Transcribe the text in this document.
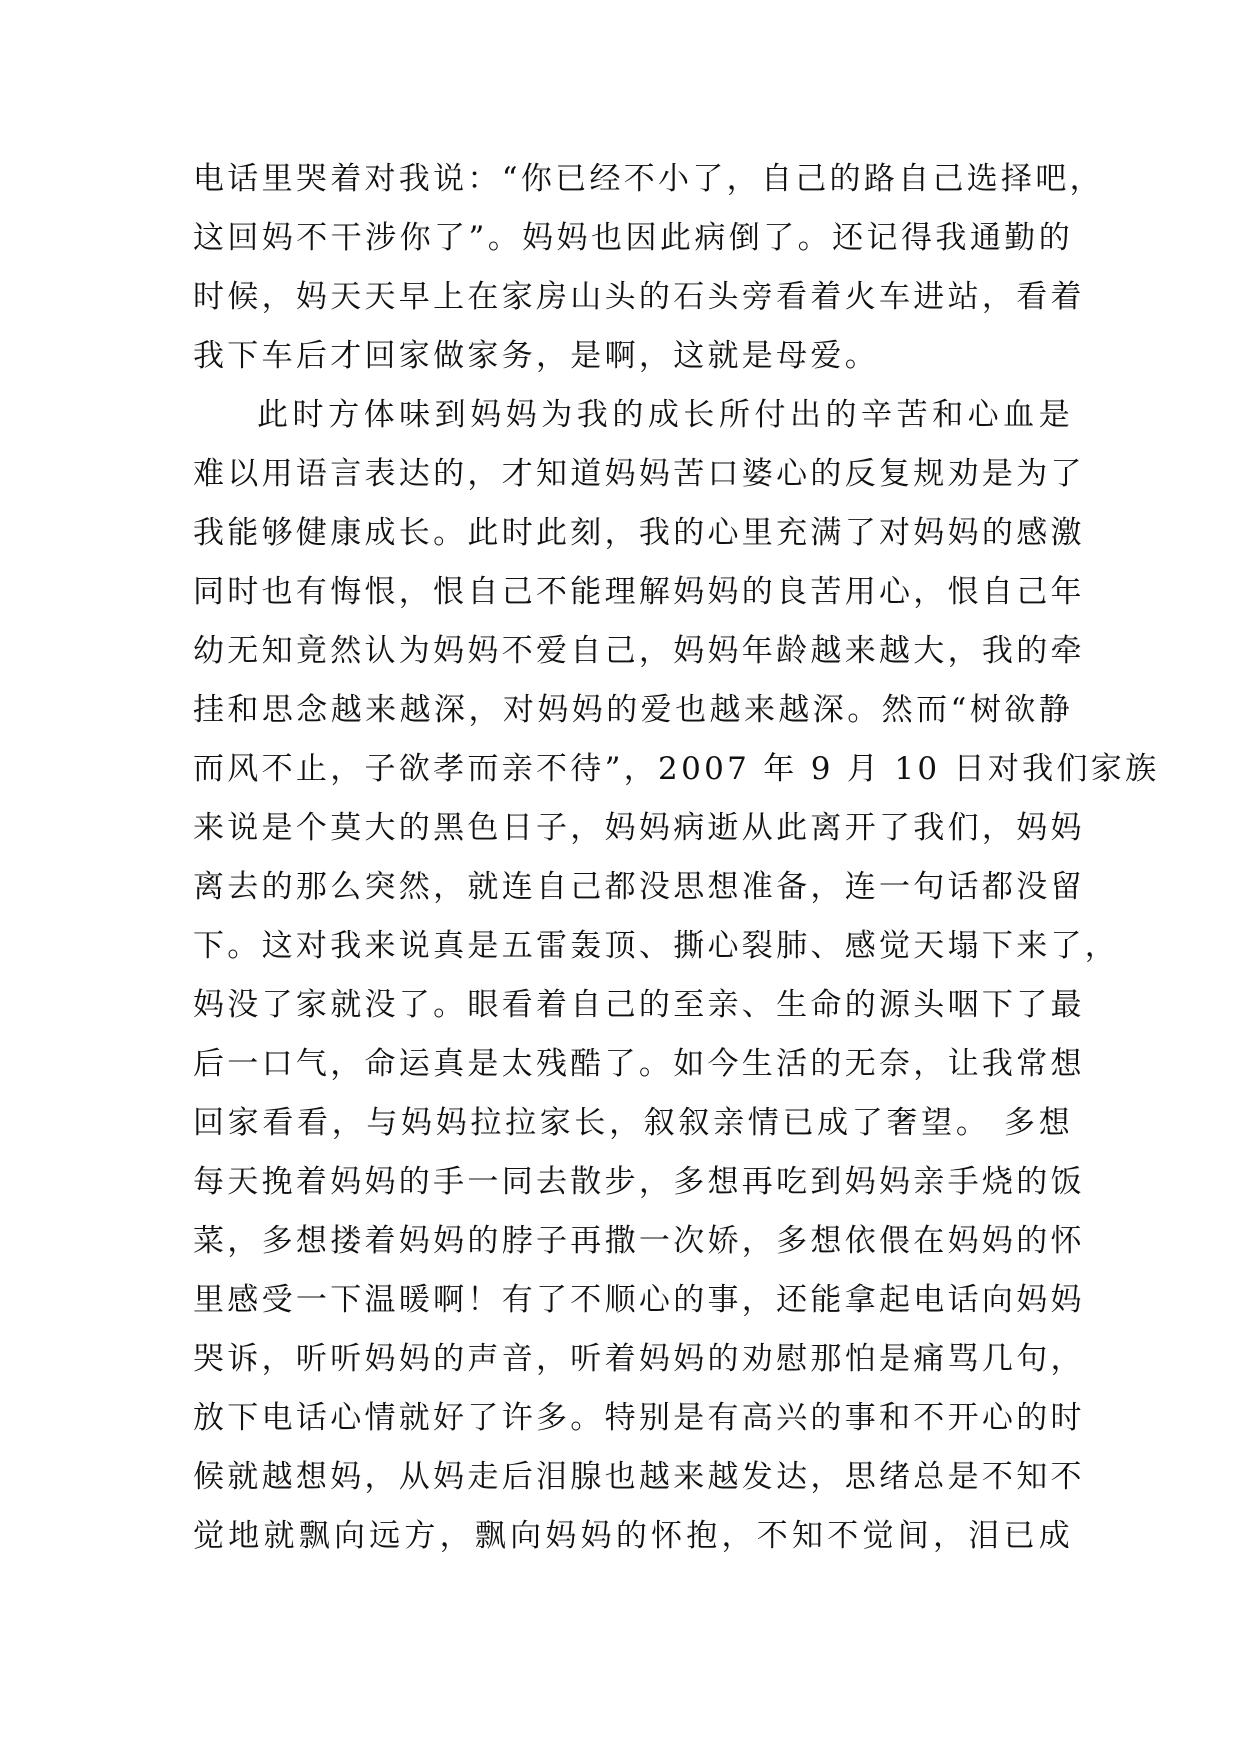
电话里哭着对我说：“你已经不小了，自己的路自己选择吧，
这回妈不干涉你了”。妈妈也因此病倒了。还记得我通勤的
时候，妈天天早上在家房山头的石头旁看着火车进站，看着
我下车后才回家做家务，是啊，这就是母爱。
此时方体味到妈妈为我的成长所付出的辛苦和心血是
难以用语言表达的，才知道妈妈苦口婆心的反复规劝是为了
我能够健康成长。此时此刻，我的心里充满了对妈妈的感激
同时也有悔恨，恨自己不能理解妈妈的良苦用心，恨自己年
幼无知竟然认为妈妈不爱自己，妈妈年龄越来越大，我的牵
挂和思念越来越深，对妈妈的爱也越来越深。然而“树欲静
而风不止，子欲孝而亲不待”，2007 年 9 月 10 日对我们家族
来说是个莫大的黑色日子，妈妈病逝从此离开了我们，妈妈
离去的那么突然，就连自己都没思想准备，连一句话都没留
下。这对我来说真是五雷轰顶、撕心裂肺、感觉天塌下来了，
妈没了家就没了。眼看着自己的至亲、生命的源头咽下了最
后一口气，命运真是太残酷了。如今生活的无奈，让我常想
回家看看，与妈妈拉拉家长，叙叙亲情已成了奢望。 多想
每天挽着妈妈的手一同去散步，多想再吃到妈妈亲手烧的饭
菜，多想搂着妈妈的脖子再撒一次娇，多想依偎在妈妈的怀
里感受一下温暖啊！有了不顺心的事，还能拿起电话向妈妈
哭诉，听听妈妈的声音，听着妈妈的劝慰那怕是痛骂几句，
放下电话心情就好了许多。特别是有高兴的事和不开心的时
候就越想妈，从妈走后泪腺也越来越发达，思绪总是不知不
觉地就飘向远方，飘向妈妈的怀抱，不知不觉间，泪已成
